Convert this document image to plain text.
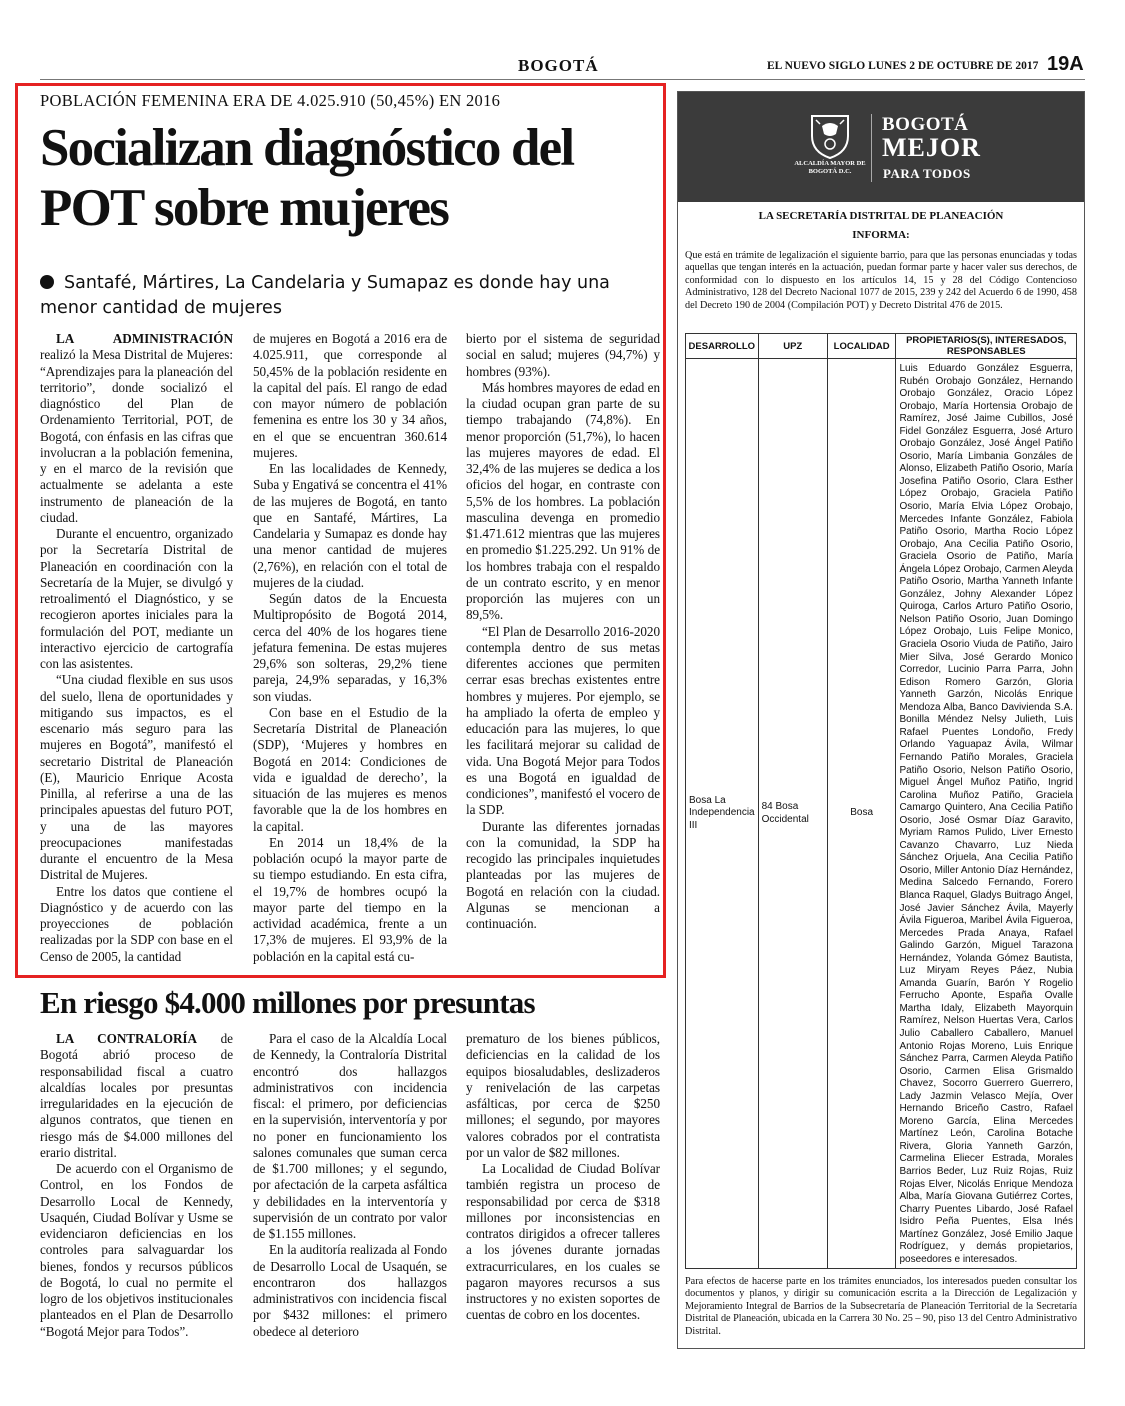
BOGOTÁ	EL NUEVO SIGLO LUNES 2 DE OCTUBRE DE 2017 19A
POBLACIÓN FEMENINA ERA DE 4.025.910 (50,45%) EN 2016
Socializan diagnóstico del POT sobre mujeres
Santafé, Mártires, La Candelaria y Sumapaz es donde hay una menor cantidad de mujeres

LA ADMINISTRACIÓN realizó la Mesa Distrital de Mujeres: “Aprendizajes para la planeación del territorio”, donde socializó el diagnóstico del Plan de Ordenamiento Territorial, POT, de Bogotá, con énfasis en las cifras que involucran a la población femenina, y en el marco de la revisión que actualmente se adelanta a este instrumento de planeación de la ciudad.

Durante el encuentro, organizado por la Secretaría Distrital de Planeación en coordinación con la Secretaría de la Mujer, se divulgó y retroalimentó el Diagnóstico, y se recogieron aportes iniciales para la formulación del POT, mediante un interactivo ejercicio de cartografía con las asistentes.

“Una ciudad flexible en sus usos del suelo, llena de oportunidades y mitigando sus impactos, es el escenario más seguro para las mujeres en Bogotá”, manifestó el secretario Distrital de Planeación (E), Mauricio Enrique Acosta Pinilla, al referirse a una de las principales apuestas del futuro POT, y una de las mayores preocupaciones manifestadas durante el encuentro de la Mesa Distrital de Mujeres.

Entre los datos que contiene el Diagnóstico y de acuerdo con las proyecciones de población realizadas por la SDP con base en el Censo de 2005, la cantidad

de mujeres en Bogotá a 2016 era de 4.025.911, que corresponde al 50,45% de la población residente en la capital del país. El rango de edad con mayor número de población femenina es entre los 30 y 34 años, en el que se encuentran 360.614 mujeres.

En las localidades de Kennedy, Suba y Engativá se concentra el 41% de las mujeres de Bogotá, en tanto que en Santafé, Mártires, La Candelaria y Sumapaz es donde hay una menor cantidad de mujeres (2,76%), en relación con el total de mujeres de la ciudad.

Según datos de la Encuesta Multipropósito de Bogotá 2014, cerca del 40% de los hogares tiene jefatura femenina. De estas mujeres 29,6% son solteras, 29,2% tiene pareja, 24,9% separadas, y 16,3% son viudas.

Con base en el Estudio de la Secretaría Distrital de Planeación (SDP), ‘Mujeres y hombres en Bogotá en 2014: Condiciones de vida e igualdad de derecho’, la situación de las mujeres es menos favorable que la de los hombres en la capital.

En 2014 un 18,4% de la población ocupó la mayor parte de su tiempo estudiando. En esta cifra, el 19,7% de hombres ocupó la mayor parte del tiempo en la actividad académica, frente a un 17,3% de mujeres. El 93,9% de la población en la capital está cu-

bierto por el sistema de seguridad social en salud; mujeres (94,7%) y hombres (93%).

Más hombres mayores de edad en la ciudad ocupan gran parte de su tiempo trabajando (74,8%). En menor proporción (51,7%), lo hacen las mujeres mayores de edad. El 32,4% de las mujeres se dedica a los oficios del hogar, en contraste con 5,5% de los hombres. La población masculina devenga en promedio $1.471.612 mientras que las mujeres en promedio $1.225.292. Un 91% de los hombres trabaja con el respaldo de un contrato escrito, y en menor proporción las mujeres con un 89,5%.

“El Plan de Desarrollo 2016-2020 contempla dentro de sus metas diferentes acciones que permiten cerrar esas brechas existentes entre hombres y mujeres. Por ejemplo, se ha ampliado la oferta de empleo y educación para las mujeres, lo que les facilitará mejorar su calidad de vida. Una Bogotá Mejor para Todos es una Bogotá en igualdad de condiciones”, manifestó el vocero de la SDP.

Durante las diferentes jornadas con la comunidad, la SDP ha recogido las principales inquietudes planteadas por las mujeres de Bogotá en relación con la ciudad. Algunas se mencionan a continuación.

En riesgo $4.000 millones por presuntas

LA CONTRALORÍA de Bogotá abrió proceso de responsabilidad fiscal a cuatro alcaldías locales por presuntas irregularidades en la ejecución de algunos contratos, que tienen en riesgo más de $4.000 millones del erario distrital.

De acuerdo con el Organismo de Control, en los Fondos de Desarrollo Local de Kennedy, Usaquén, Ciudad Bolívar y Usme se evidenciaron deficiencias en los controles para salvaguardar los bienes, fondos y recursos públicos de Bogotá, lo cual no permite el logro de los objetivos institucionales planteados en el Plan de Desarrollo “Bogotá Mejor para Todos”.

Para el caso de la Alcaldía Local de Kennedy, la Contraloría Distrital encontró dos hallazgos administrativos con incidencia fiscal: el primero, por deficiencias en la supervisión, interventoría y por no poner en funcionamiento los salones comunales que suman cerca de $1.700 millones; y el segundo, por afectación de la carpeta asfáltica y debilidades en la interventoría y supervisión de un contrato por valor de $1.155 millones.

En la auditoría realizada al Fondo de Desarrollo Local de Usaquén, se encontraron dos hallazgos administrativos con incidencia fiscal por $432 millones: el primero obedece al deterioro

prematuro de los bienes públicos, deficiencias en la calidad de los equipos biosaludables, deslizaderos y renivelación de las carpetas asfálticas, por cerca de $250 millones; el segundo, por mayores valores cobrados por el contratista por un valor de $82 millones.

La Localidad de Ciudad Bolívar también registra un proceso de responsabilidad por cerca de $318 millones por inconsistencias en contratos dirigidos a ofrecer talleres a los jóvenes durante jornadas extracurriculares, en los cuales se pagaron mayores recursos a sus instructores y no existen soportes de cuentas de cobro en los docentes.

ALCALDÍA MAYOR DE BOGOTÁ D.C.
BOGOTÁ
MEJOR
PARA TODOS
LA SECRETARÍA DISTRITAL DE PLANEACIÓN
INFORMA:
Que está en trámite de legalización el siguiente barrio, para que las personas enunciadas y todas aquellas que tengan interés en la actuación, puedan formar parte y hacer valer sus derechos, de conformidad con lo dispuesto en los artículos 14, 15 y 28 del Código Contencioso Administrativo, 128 del Decreto Nacional 1077 de 2015, 239 y 242 del Acuerdo 6 de 1990, 458 del Decreto 190 de 2004 (Compilación POT) y Decreto Distrital 476 de 2015.
DESARROLLO	UPZ	LOCALIDAD	PROPIETARIOS(S), INTERESADOS, RESPONSABLES
Bosa La Independencia III	84 Bosa Occidental	Bosa	Luis Eduardo González Esguerra, Rubén Orobajo González, Hernando Orobajo González, Oracio López Orobajo, María Hortensia Orobajo de Ramírez, José Jaime Cubillos, José Fidel González Esguerra, José Arturo Orobajo González, José Ángel Patiño Osorio, María Limbania Gonzáles de Alonso, Elizabeth Patiño Osorio, María Josefina Patiño Osorio, Clara Esther López Orobajo, Graciela Patiño Osorio, María Elvia López Orobajo, Mercedes Infante González, Fabiola Patiño Osorio, Martha Rocio López Orobajo, Ana Cecilia Patiño Osorio, Graciela Osorio de Patiño, María Ángela López Orobajo, Carmen Aleyda Patiño Osorio, Martha Yanneth Infante González, Johny Alexander López Quiroga, Carlos Arturo Patiño Osorio, Nelson Patiño Osorio, Juan Domingo López Orobajo, Luis Felipe Monico, Graciela Osorio Viuda de Patiño, Jairo Mier Silva, José Gerardo Monico Corredor, Lucinio Parra Parra, John Edison Romero Garzón, Gloria Yanneth Garzón, Nicolás Enrique Mendoza Alba, Banco Davivienda S.A. Bonilla Méndez Nelsy Julieth, Luis Rafael Puentes Londoño, Fredy Orlando Yaguapaz Ávila, Wilmar Fernando Patiño Morales, Graciela Patiño Osorio, Nelson Patiño Osorio, Miguel Ángel Muñoz Patiño, Ingrid Carolina Muñoz Patiño, Graciela Camargo Quintero, Ana Cecilia Patiño Osorio, José Osmar Díaz Garavito, Myriam Ramos Pulido, Liver Ernesto Cavanzo Chavarro, Luz Nieda Sánchez Orjuela, Ana Cecilia Patiño Osorio, Miller Antonio Díaz Hernández, Medina Salcedo Fernando, Forero Blanca Raquel, Gladys Buitrago Ángel, José Javier Sánchez Ávila, Mayerly Ávila Figueroa, Maribel Ávila Figueroa, Mercedes Prada Anaya, Rafael Galindo Garzón, Miguel Tarazona Hernández, Yolanda Gómez Bautista, Luz Miryam Reyes Páez, Nubia Amanda Guarín, Barón Y Rogelio Ferrucho Aponte, España Ovalle Martha Idaly, Elizabeth Mayorquin Ramírez, Nelson Huertas Vera, Carlos Julio Caballero Caballero, Manuel Antonio Rojas Moreno, Luis Enrique Sánchez Parra, Carmen Aleyda Patiño Osorio, Carmen Elisa Grismaldo Chavez, Socorro Guerrero Guerrero, Lady Jazmin Velasco Mejía, Over Hernando Briceño Castro, Rafael Moreno García, Elina Mercedes Martínez León, Carolina Botache Rivera, Gloria Yanneth Garzón, Carmelina Eliecer Estrada, Morales Barrios Beder, Luz Ruiz Rojas, Ruiz Rojas Elver, Nicolás Enrique Mendoza Alba, María Giovana Gutiérrez Cortes, Charry Puentes Libardo, José Rafael Isidro Peña Puentes, Elsa Inés Martínez González, José Emilio Jaque Rodríguez, y demás propietarios, poseedores e interesados.
Para efectos de hacerse parte en los trámites enunciados, los interesados pueden consultar los documentos y planos, y dirigir su comunicación escrita a la Dirección de Legalización y Mejoramiento Integral de Barrios de la Subsecretaría de Planeación Territorial de la Secretaría Distrital de Planeación, ubicada en la Carrera 30 No. 25 – 90, piso 13 del Centro Administrativo Distrital.
